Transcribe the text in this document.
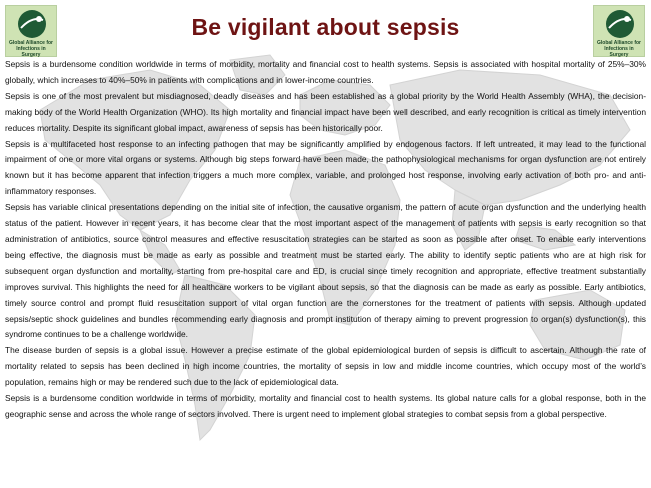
Global Alliance for
Infections in Surgery
Be vigilant about sepsis
Global Alliance for
Infections in Surgery

Sepsis is a burdensome condition worldwide in terms of morbidity, mortality and financial cost to health systems. Sepsis is associated with hospital mortality of 25%–30% globally, which increases to 40%–50% in patients with complications and in lower-income countries.

Sepsis is one of the most prevalent but misdiagnosed, deadly diseases and has been established as a global priority by the World Health Assembly (WHA), the decision-making body of the World Health Organization (WHO). Its high mortality and financial impact have been well described, and early recognition is critical as timely intervention reduces mortality. Despite its significant global impact, awareness of sepsis has been historically poor.

Sepsis is a multifaceted host response to an infecting pathogen that may be significantly amplified by endogenous factors. If left untreated, it may lead to the functional impairment of one or more vital organs or systems. Although big steps forward have been made, the pathophysiological mechanisms for organ dysfunction are not entirely known but it has become apparent that infection triggers a much more complex, variable, and prolonged host response, involving early activation of both pro- and anti-inflammatory responses.

Sepsis has variable clinical presentations depending on the initial site of infection, the causative organism, the pattern of acute organ dysfunction and the underlying health status of the patient. However in recent years, it has become clear that the most important aspect of the management of patients with sepsis is early recognition so that administration of antibiotics, source control measures and effective resuscitation strategies can be started as soon as possible after onset. To enable early interventions being effective, the diagnosis must be made as early as possible and treatment must be started early. The ability to identify septic patients who are at high risk for subsequent organ dysfunction and mortality, starting from pre-hospital care and ED, is crucial since timely recognition and appropriate, effective treatment substantially improves survival. This highlights the need for all healthcare workers to be vigilant about sepsis, so that the diagnosis can be made as early as possible. Early antibiotics, timely source control and prompt fluid resuscitation support of vital organ function are the cornerstones for the treatment of patients with sepsis. Although updated sepsis/septic shock guidelines and bundles recommending early diagnosis and prompt institution of therapy aiming to prevent progression to organ(s) dysfunction(s), this syndrome continues to be a challenge worldwide.

The disease burden of sepsis is a global issue. However a precise estimate of the global epidemiological burden of sepsis is difficult to ascertain. Although the rate of mortality related to sepsis has been declined in high income countries, the mortality of sepsis in low and middle income countries, which occupy most of the world’s population, remains high or may be rendered such due to the lack of epidemiological data.

Sepsis is a burdensome condition worldwide in terms of morbidity, mortality and financial cost to health systems. Its global nature calls for a global response, both in the geographic sense and across the whole range of sectors involved. There is urgent need to implement global strategies to combat sepsis from a global perspective.
